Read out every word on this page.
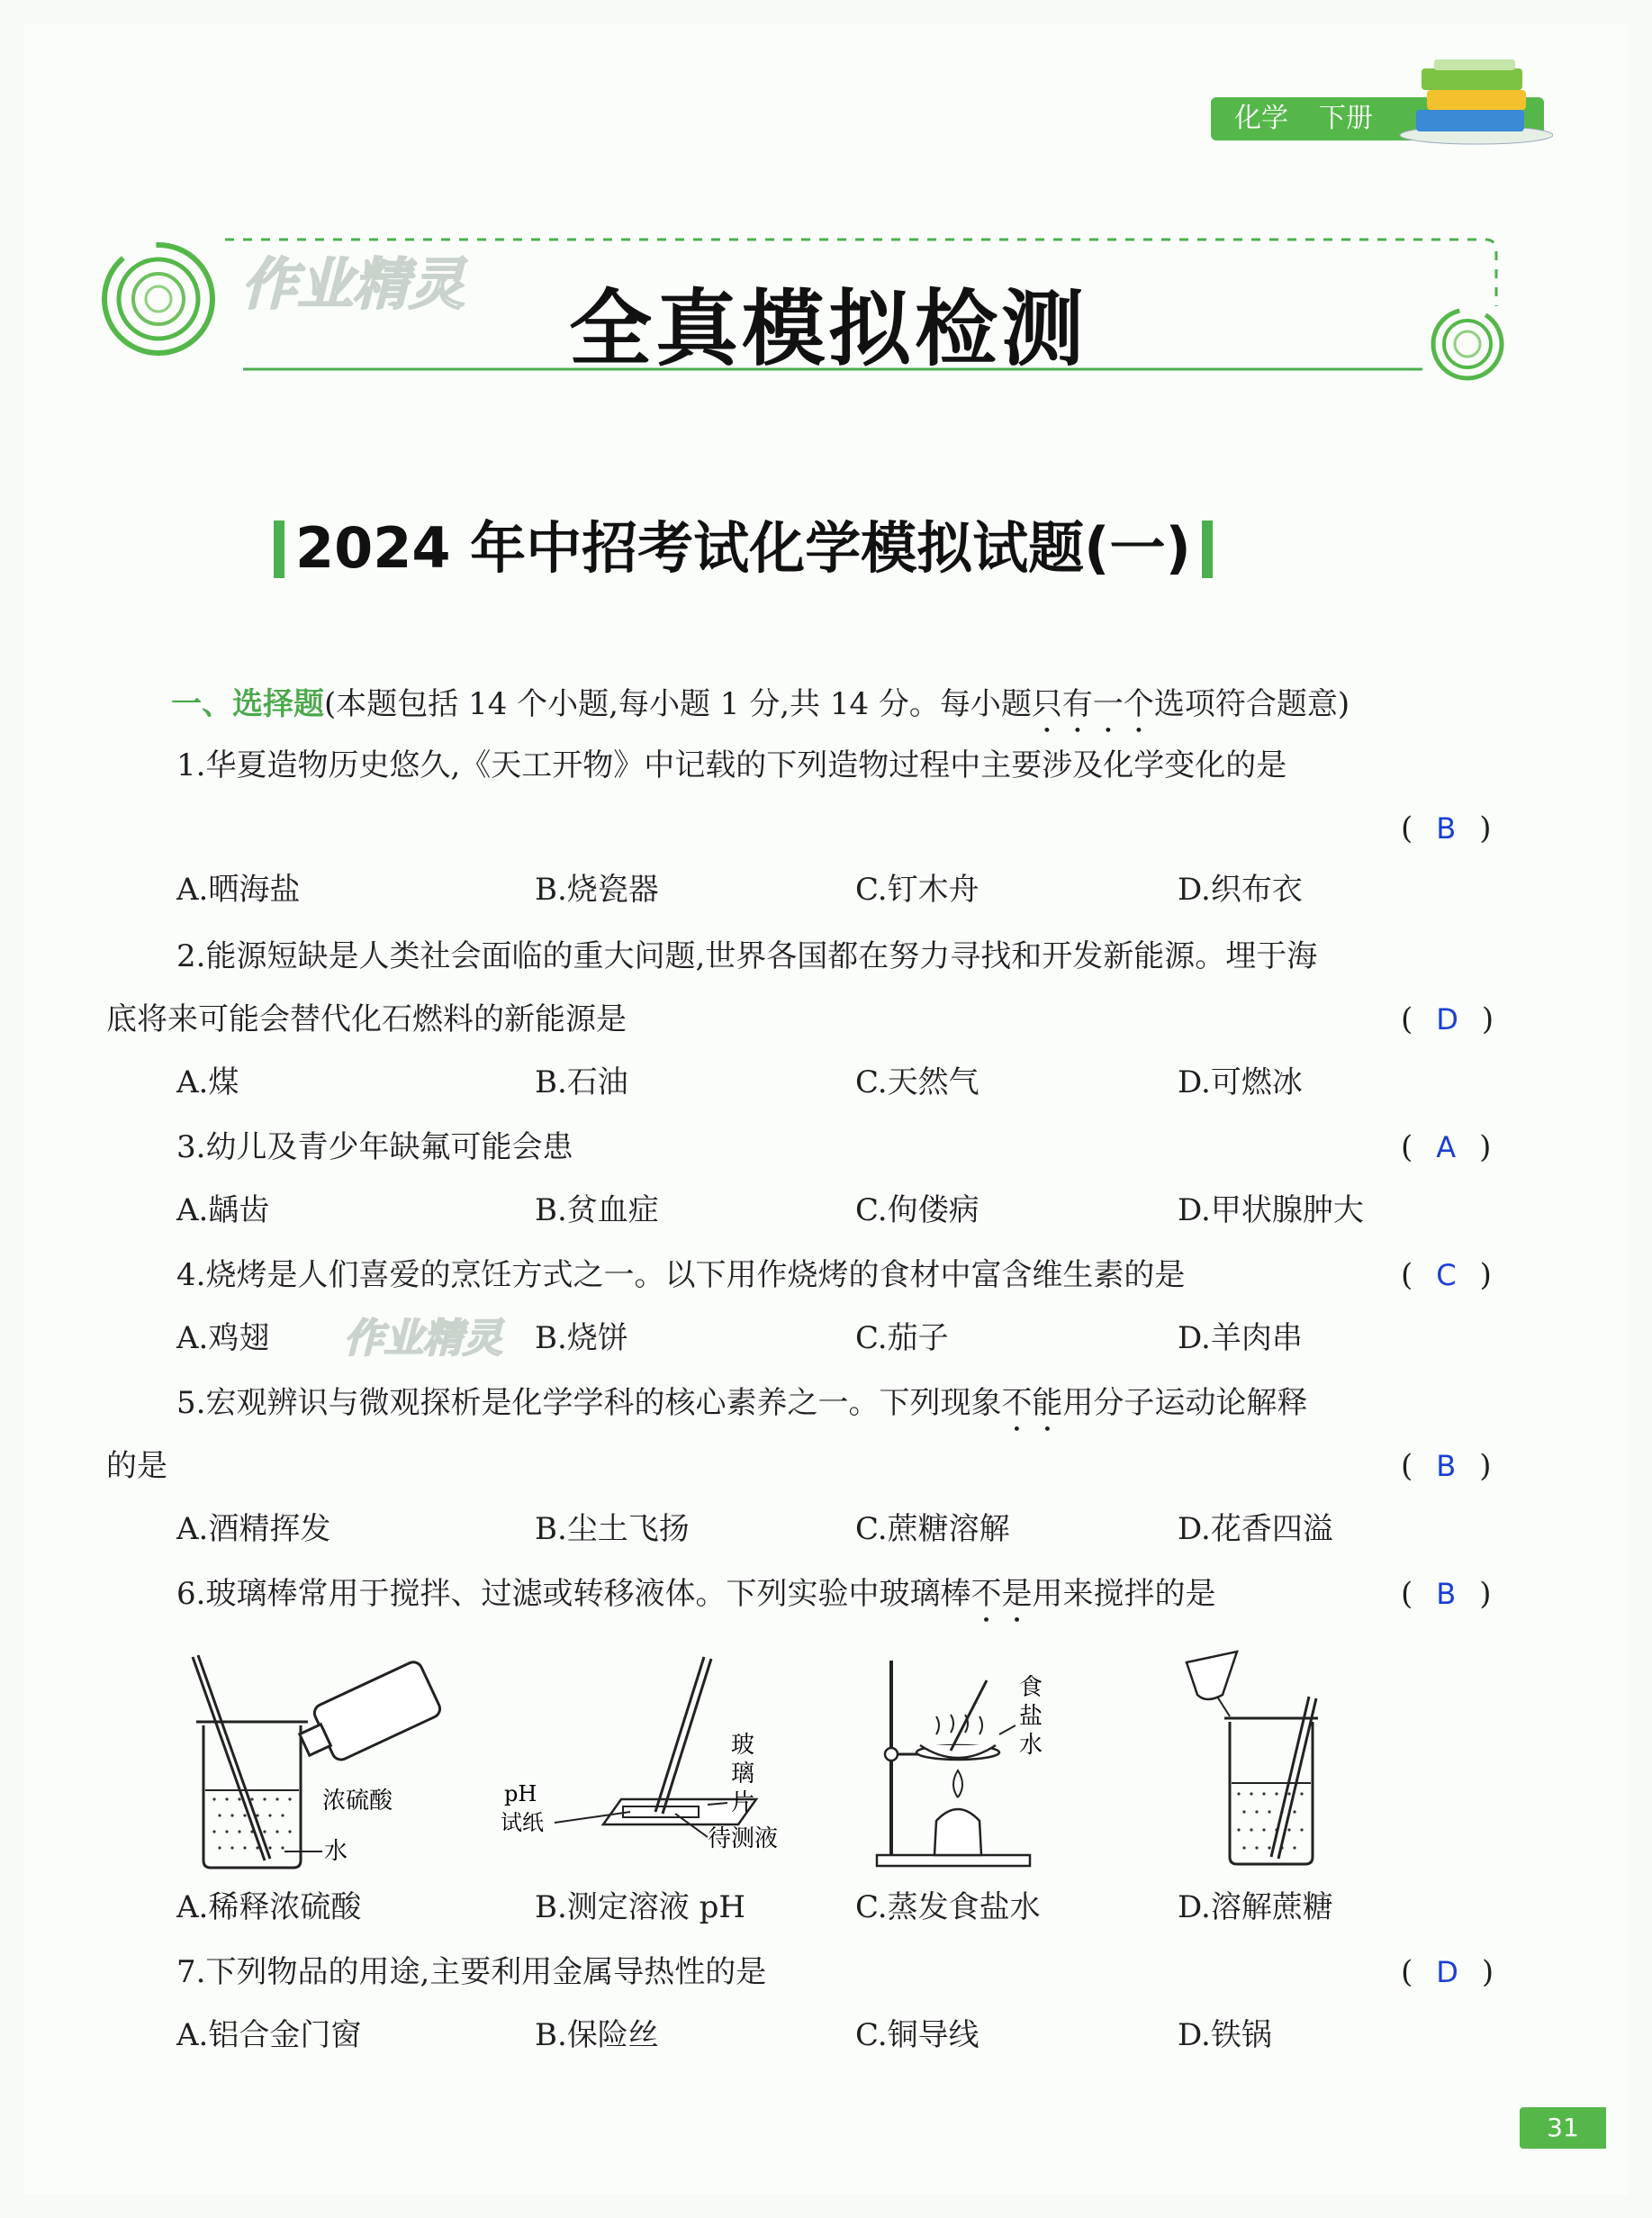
化学 下册
作业精灵 全真模拟检测
2024 年中招考试化学模拟试题(一)
一、选择题(本题包括 14 个小题,每小题 1 分,共 14 分。每小题只有一个选项符合题意)
1.华夏造物历史悠久,《天工开物》中记载的下列造物过程中主要涉及化学变化的是
( B )
A.晒海盐	B.烧瓷器	C.钉木舟	D.织布衣
2.能源短缺是人类社会面临的重大问题,世界各国都在努力寻找和开发新能源。埋于海
底将来可能会替代化石燃料的新能源是	( D )
A.煤	B.石油	C.天然气	D.可燃冰
3.幼儿及青少年缺氟可能会患	( A )
A.龋齿	B.贫血症	C.佝偻病	D.甲状腺肿大
4.烧烤是人们喜爱的烹饪方式之一。以下用作烧烤的食材中富含维生素的是	( C )
A.鸡翅	B.烧饼	C.茄子	D.羊肉串
作业精灵
5.宏观辨识与微观探析是化学学科的核心素养之一。下列现象不能用分子运动论解释
的是	( B )
A.酒精挥发	B.尘土飞扬	C.蔗糖溶解	D.花香四溢
6.玻璃棒常用于搅拌、过滤或转移液体。下列实验中玻璃棒不是用来搅拌的是	( B )
浓硫酸
水
pH
试纸
玻
璃
片
待测液
食
盐
水
A.稀释浓硫酸	B.测定溶液 pH	C.蒸发食盐水	D.溶解蔗糖
7.下列物品的用途,主要利用金属导热性的是	( D )
A.铝合金门窗	B.保险丝	C.铜导线	D.铁锅
31
